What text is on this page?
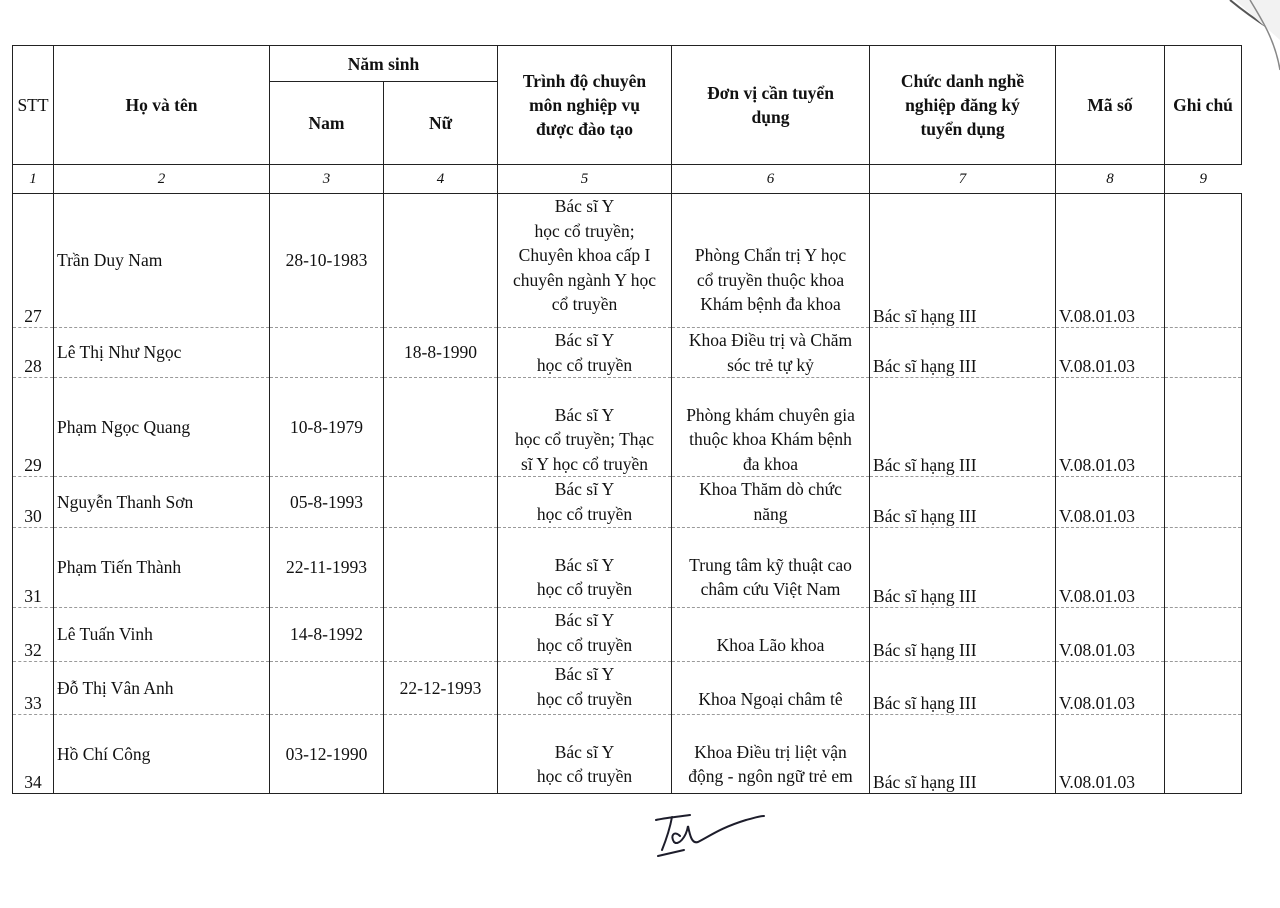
STT	Họ và tên	Năm sinh		Trình độ chuyên
môn nghiệp vụ
được đào tạo	Đơn vị cần tuyển
dụng	Chức danh nghề
nghiệp đăng ký
tuyển dụng	Mã số	Ghi chú
		Nam	Nữ					
1	2	3	4	5	6	7	8	9
27	Trần Duy Nam	28-10-1983		Bác sĩ Y
học cổ truyền;
Chuyên khoa cấp I
chuyên ngành Y học
cổ truyền	Phòng Chẩn trị Y học
cổ truyền thuộc khoa
Khám bệnh đa khoa	Bác sĩ hạng III	V.08.01.03	
28	Lê Thị Như Ngọc		18-8-1990	Bác sĩ Y
học cổ truyền	Khoa Điều trị và Chăm
sóc trẻ tự kỷ	Bác sĩ hạng III	V.08.01.03	
29	Phạm Ngọc Quang	10-8-1979		Bác sĩ Y
học cổ truyền; Thạc
sĩ Y học cổ truyền	Phòng khám chuyên gia
thuộc khoa Khám bệnh
đa khoa	Bác sĩ hạng III	V.08.01.03	
30	Nguyễn Thanh Sơn	05-8-1993		Bác sĩ Y
học cổ truyền	Khoa Thăm dò chức
năng	Bác sĩ hạng III	V.08.01.03	
31	Phạm Tiến Thành	22-11-1993		Bác sĩ Y
học cổ truyền	Trung tâm kỹ thuật cao
châm cứu Việt Nam	Bác sĩ hạng III	V.08.01.03	
32	Lê Tuấn Vinh	14-8-1992		Bác sĩ Y
học cổ truyền	Khoa Lão khoa	Bác sĩ hạng III	V.08.01.03	
33	Đỗ Thị Vân Anh		22-12-1993	Bác sĩ Y
học cổ truyền	Khoa Ngoại châm tê	Bác sĩ hạng III	V.08.01.03	
34	Hồ Chí Công	03-12-1990		Bác sĩ Y
học cổ truyền	Khoa Điều trị liệt vận
động - ngôn ngữ trẻ em	Bác sĩ hạng III	V.08.01.03	
